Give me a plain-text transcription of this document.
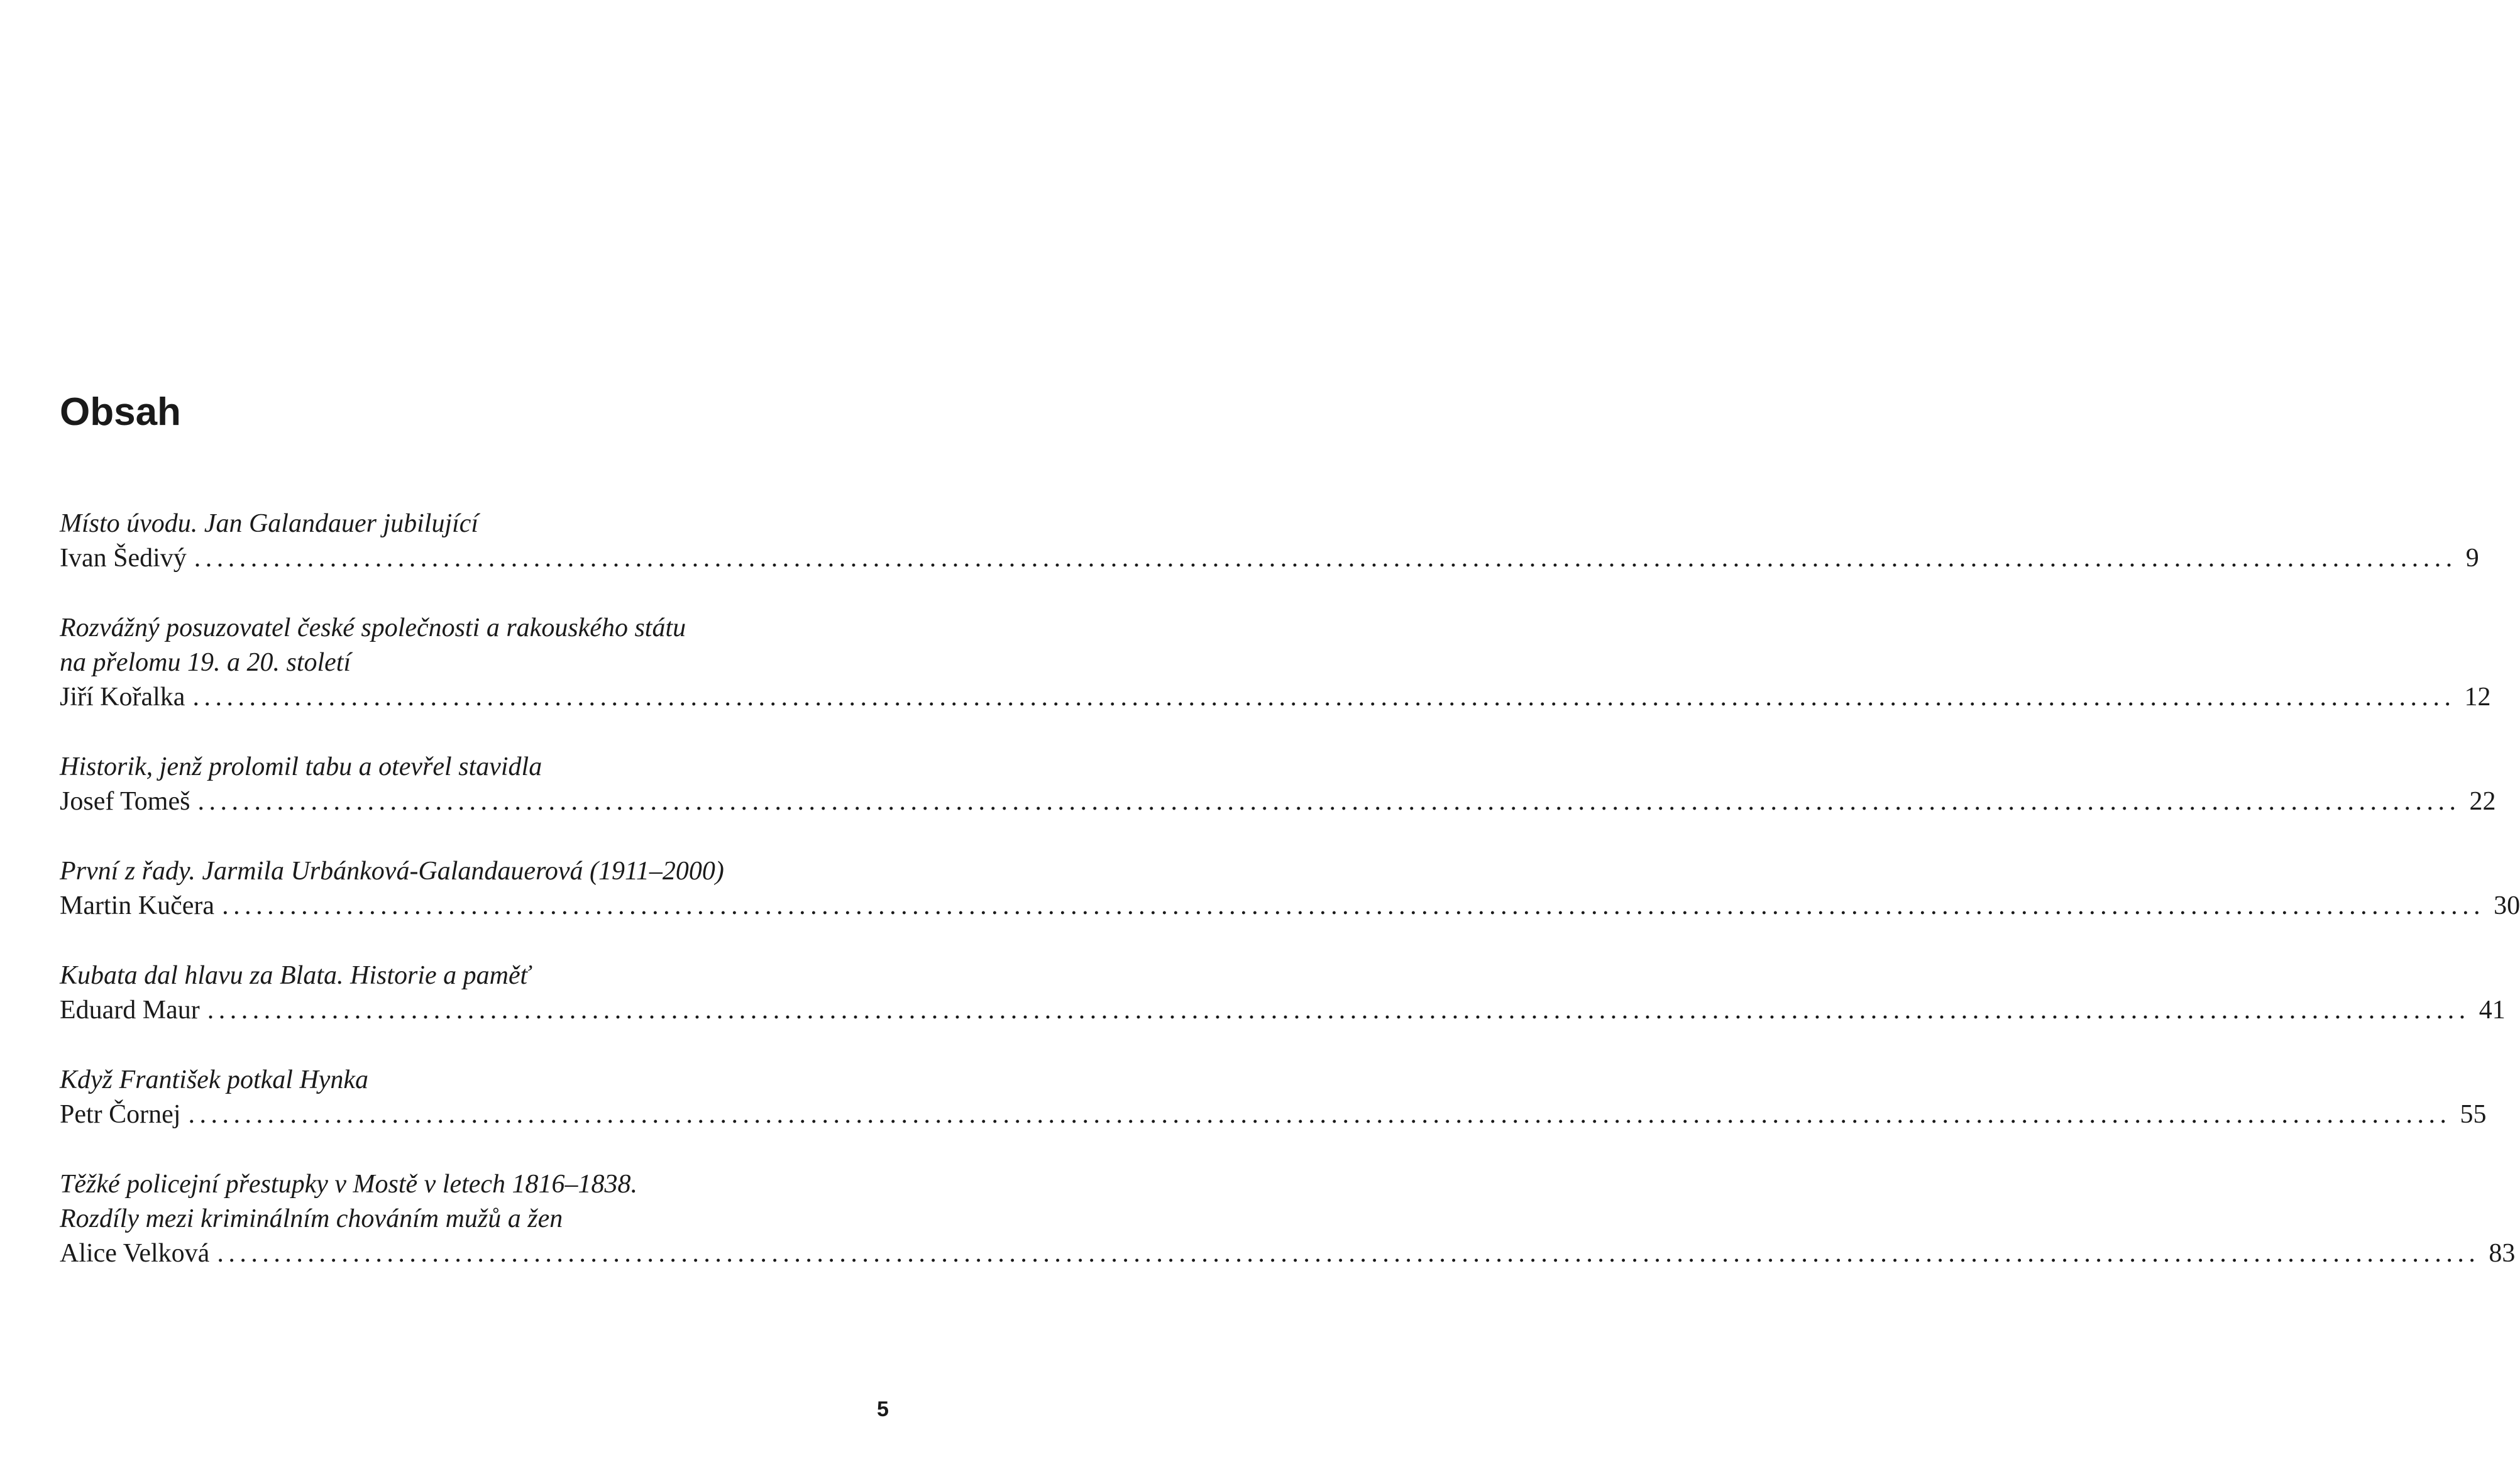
Obsah
Místo úvodu. Jan Galandauer jubilující
Ivan Šedivý ........................................................................................................................................................................................................ 9
Rozvážný posuzovatel české společnosti a rakouského státu
na přelomu 19. a 20. století
Jiří Kořalka ........................................................................................................................................................................................................ 12
Historik, jenž prolomil tabu a otevřel stavidla
Josef Tomeš ........................................................................................................................................................................................................ 22
První z řady. Jarmila Urbánková-Galandauerová (1911–2000)
Martin Kučera ........................................................................................................................................................................................................ 30
Kubata dal hlavu za Blata. Historie a paměť
Eduard Maur ........................................................................................................................................................................................................ 41
Když František potkal Hynka
Petr Čornej ........................................................................................................................................................................................................ 55
Těžké policejní přestupky v Mostě v letech 1816–1838.
Rozdíly mezi kriminálním chováním mužů a žen
Alice Velková ........................................................................................................................................................................................................ 83
5
